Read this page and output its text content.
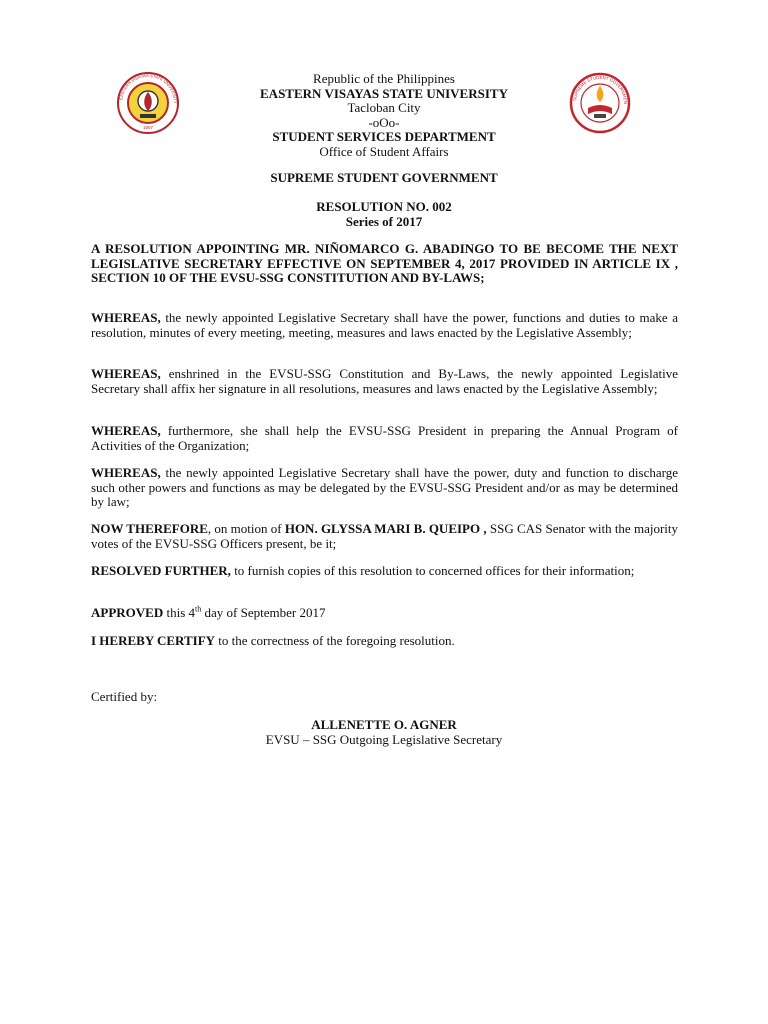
1907
EASTERN VISAYAS STATE UNIVERSITY
SUPREME STUDENT GOVERNMEN
Republic of the Philippines
EASTERN VISAYAS STATE UNIVERSITY
Tacloban City
-oOo-
STUDENT SERVICES DEPARTMENT
Office of Student Affairs
SUPREME STUDENT GOVERNMENT
RESOLUTION NO. 002
Series of 2017
A RESOLUTION APPOINTING MR. NIÑOMARCO G. ABADINGO TO BE BECOME THE NEXT LEGISLATIVE SECRETARY EFFECTIVE ON SEPTEMBER 4, 2017 PROVIDED IN ARTICLE IX , SECTION 10 OF THE EVSU-SSG CONSTITUTION AND BY-LAWS;

WHEREAS, the newly appointed Legislative Secretary shall have the power, functions and duties to make a resolution, minutes of every meeting, meeting, measures and laws enacted by the Legislative Assembly;

WHEREAS, enshrined in the EVSU-SSG Constitution and By-Laws, the newly appointed Legislative Secretary shall affix her signature in all resolutions, measures and laws enacted by the Legislative Assembly;

WHEREAS, furthermore, she shall help the EVSU-SSG President in preparing the Annual Program of Activities of the Organization;

WHEREAS, the newly appointed Legislative Secretary shall have the power, duty and function to discharge such other powers and functions as may be delegated by the EVSU-SSG President and/or as may be determined by law;

NOW THEREFORE, on motion of HON. GLYSSA MARI B. QUEIPO , SSG CAS Senator with the majority votes of the EVSU-SSG Officers present, be it;

RESOLVED FURTHER, to furnish copies of this resolution to concerned offices for their information;

APPROVED this 4th day of September 2017

I HEREBY CERTIFY to the correctness of the foregoing resolution.

Certified by:

ALLENETTE O. AGNER
EVSU – SSG Outgoing Legislative Secretary
